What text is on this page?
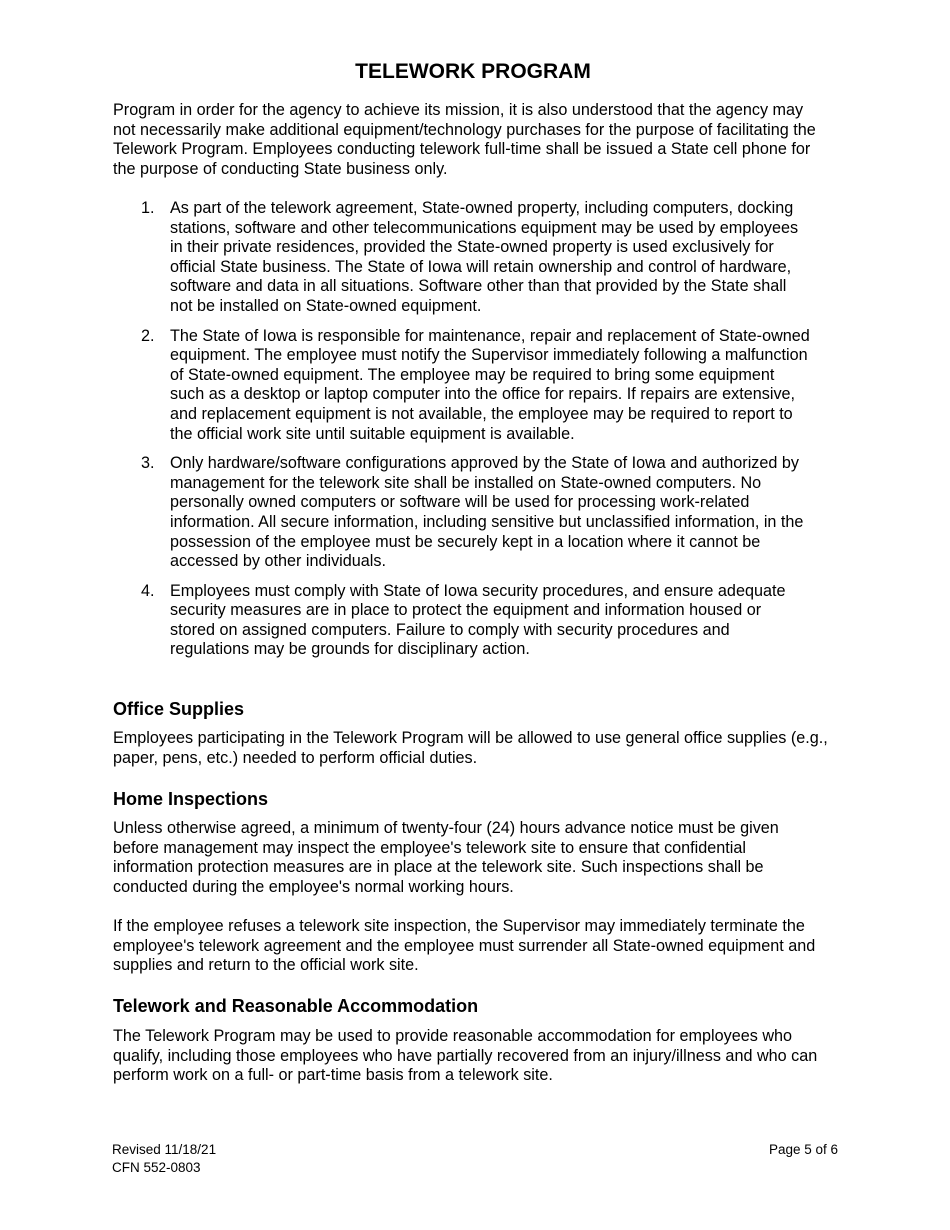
TELEWORK PROGRAM

Program in order for the agency to achieve its mission, it is also understood that the agency may not necessarily make additional equipment/technology purchases for the purpose of facilitating the Telework Program. Employees conducting telework full-time shall be issued a State cell phone for the purpose of conducting State business only.

1. As part of the telework agreement, State-owned property, including computers, docking stations, software and other telecommunications equipment may be used by employees in their private residences, provided the State-owned property is used exclusively for official State business. The State of Iowa will retain ownership and control of hardware, software and data in all situations. Software other than that provided by the State shall not be installed on State-owned equipment.
2. The State of Iowa is responsible for maintenance, repair and replacement of State-owned equipment. The employee must notify the Supervisor immediately following a malfunction of State-owned equipment. The employee may be required to bring some equipment such as a desktop or laptop computer into the office for repairs. If repairs are extensive, and replacement equipment is not available, the employee may be required to report to the official work site until suitable equipment is available.
3. Only hardware/software configurations approved by the State of Iowa and authorized by management for the telework site shall be installed on State-owned computers. No personally owned computers or software will be used for processing work-related information. All secure information, including sensitive but unclassified information, in the possession of the employee must be securely kept in a location where it cannot be accessed by other individuals.
4. Employees must comply with State of Iowa security procedures, and ensure adequate security measures are in place to protect the equipment and information housed or stored on assigned computers. Failure to comply with security procedures and regulations may be grounds for disciplinary action.
Office Supplies

Employees participating in the Telework Program will be allowed to use general office supplies (e.g., paper, pens, etc.) needed to perform official duties.

Home Inspections

Unless otherwise agreed, a minimum of twenty-four (24) hours advance notice must be given before management may inspect the employee's telework site to ensure that confidential information protection measures are in place at the telework site. Such inspections shall be conducted during the employee's normal working hours.

If the employee refuses a telework site inspection, the Supervisor may immediately terminate the employee's telework agreement and the employee must surrender all State-owned equipment and supplies and return to the official work site.

Telework and Reasonable Accommodation

The Telework Program may be used to provide reasonable accommodation for employees who qualify, including those employees who have partially recovered from an injury/illness and who can perform work on a full- or part-time basis from a telework site.

Revised 11/18/21
CFN 552-0803
Page 5 of 6
